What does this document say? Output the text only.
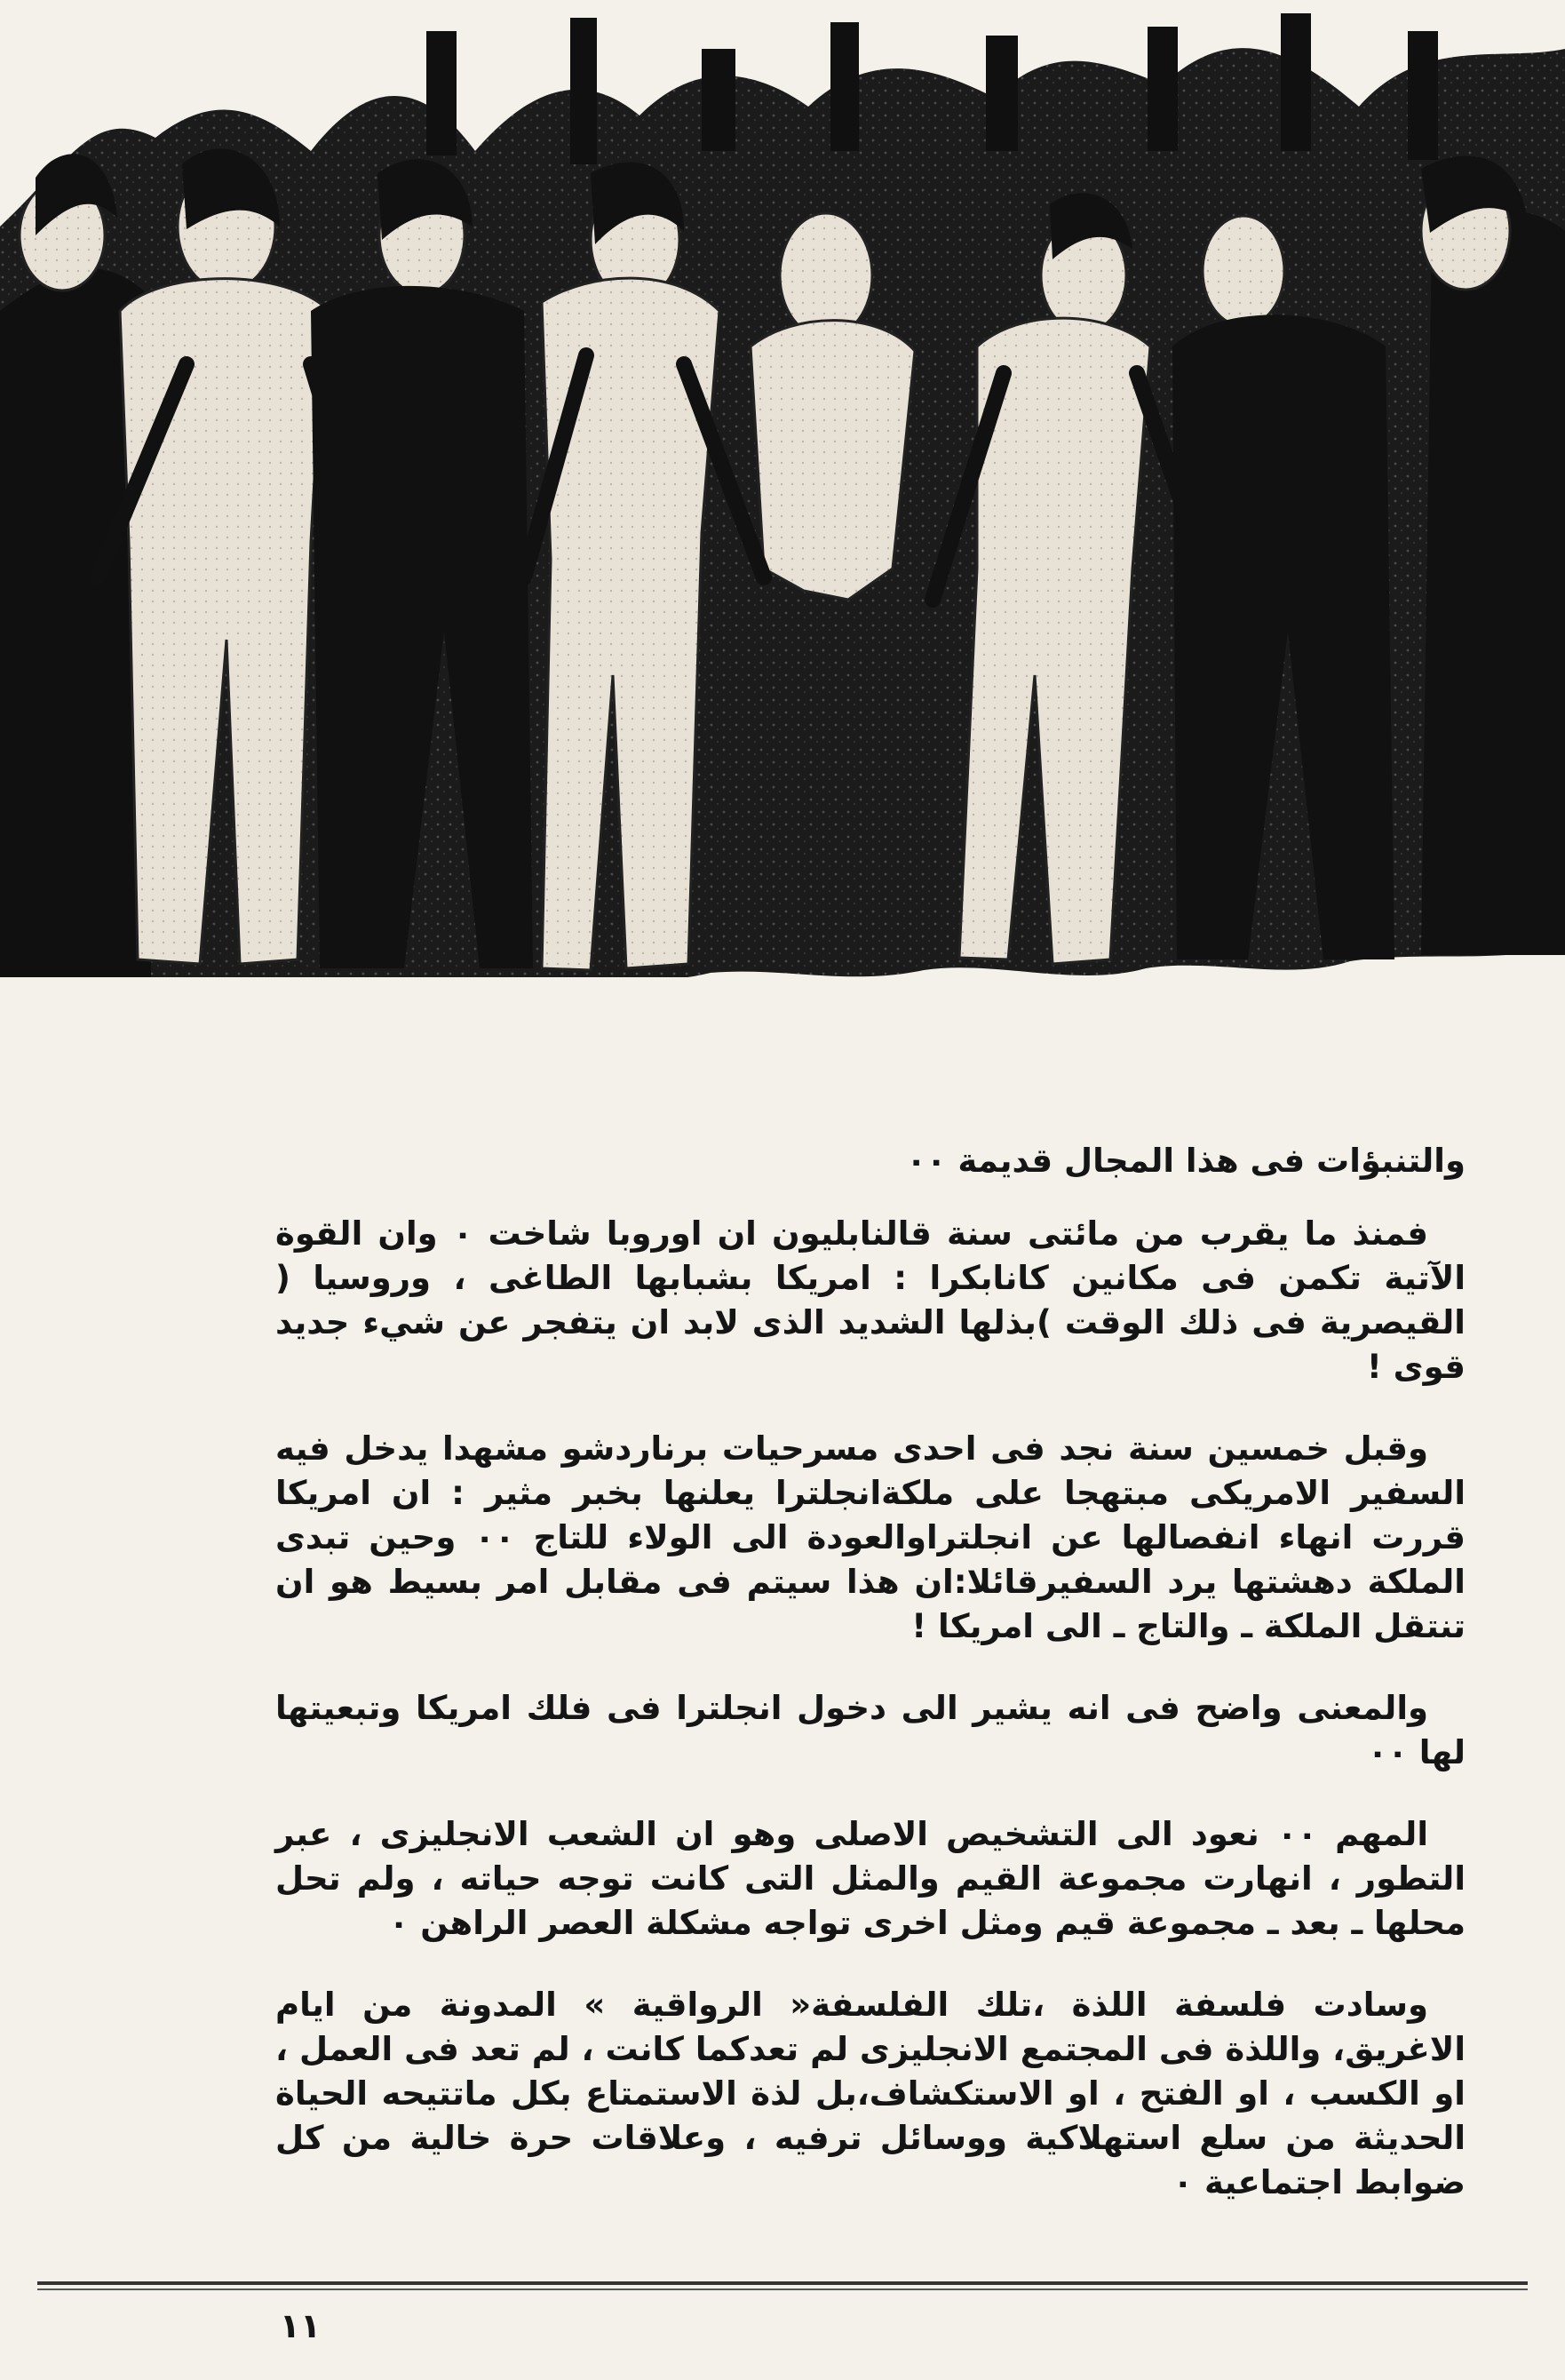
والتنبؤات فى هذا المجال قديمة ٠٠

فمنذ ما يقرب من مائتى سنة قالنابليون ان اوروبا شاخت ٠ وان القوة الآتية تكمن فى مكانين كانابكرا : امريكا بشبابها الطاغى ، وروسيا ( القيصرية فى ذلك الوقت )بذلها الشديد الذى لابد ان يتفجر عن شيء جديد قوى !

وقبل خمسين سنة نجد فى احدى مسرحيات برناردشو مشهدا يدخل فيه السفير الامريكى مبتهجا على ملكةانجلترا يعلنها بخبر مثير : ان امريكا قررت انهاء انفصالها عن انجلتراوالعودة الى الولاء للتاج ٠٠ وحين تبدى الملكة دهشتها يرد السفيرقائلا:ان هذا سيتم فى مقابل امر بسيط هو ان تنتقل الملكة ـ والتاج ـ الى امريكا !

والمعنى واضح فى انه يشير الى دخول انجلترا فى فلك امريكا وتبعيتها لها ٠٠

المهم ٠٠ نعود الى التشخيص الاصلى وهو ان الشعب الانجليزى ، عبر التطور ، انهارت مجموعة القيم والمثل التى كانت توجه حياته ، ولم تحل محلها ـ بعد ـ مجموعة قيم ومثل اخرى تواجه مشكلة العصر الراهن ٠

وسادت فلسفة اللذة ،تلك الفلسفة« الرواقية » المدونة من ايام الاغريق، واللذة فى المجتمع الانجليزى لم تعدكما كانت ، لم تعد فى العمل ، او الكسب ، او الفتح ، او الاستكشاف،بل لذة الاستمتاع بكل ماتتيحه الحياة الحديثة من سلع استهلاكية ووسائل ترفيه ، وعلاقات حرة خالية من كل ضوابط اجتماعية ٠

١١
